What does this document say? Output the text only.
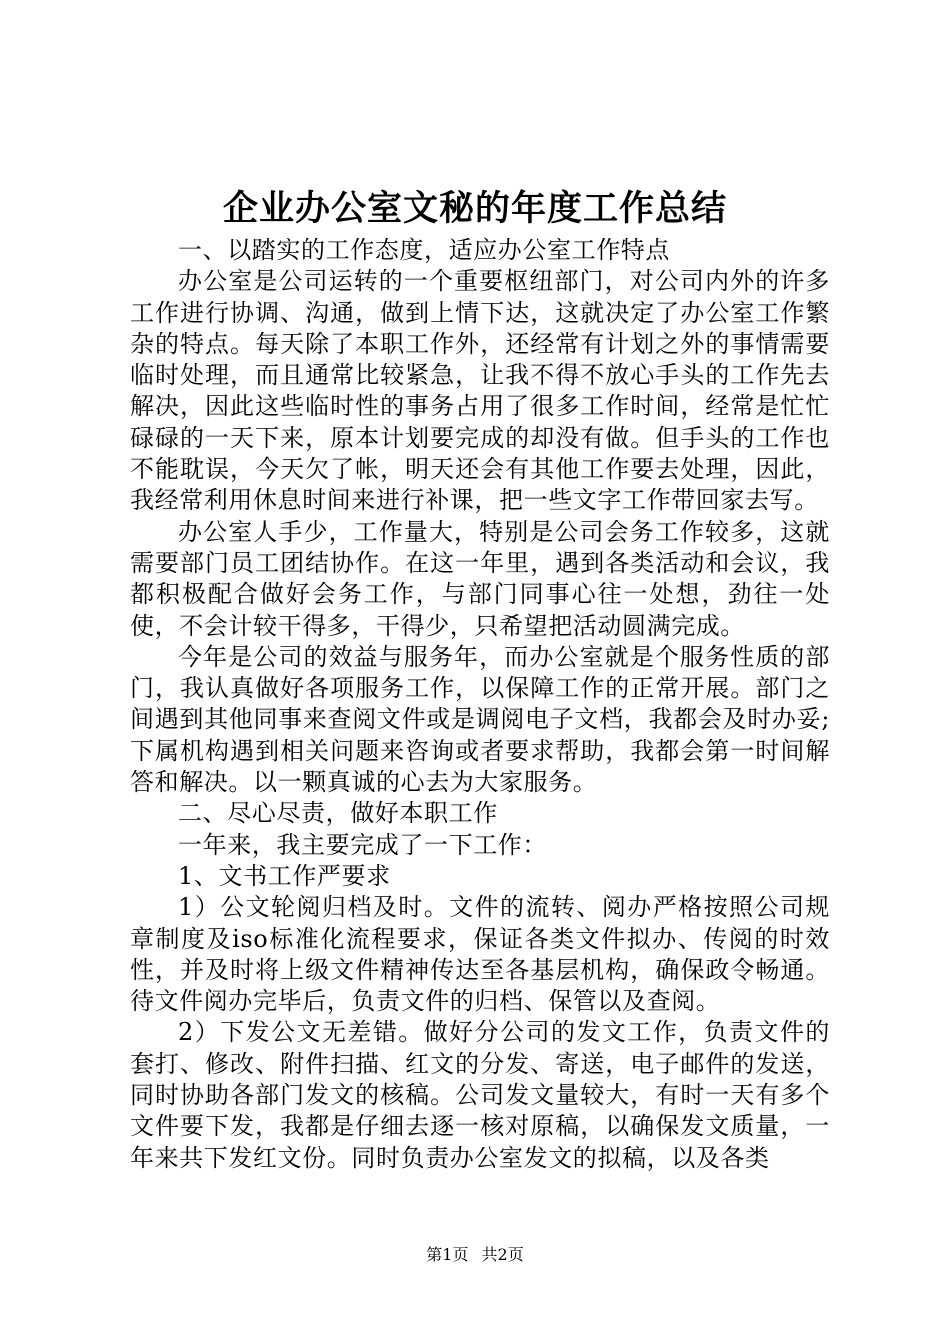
企业办公室文秘的年度工作总结

一、以踏实的工作态度，适应办公室工作特点

办公室是公司运转的一个重要枢纽部门，对公司内外的许多工作进行协调、沟通，做到上情下达，这就决定了办公室工作繁杂的特点。每天除了本职工作外，还经常有计划之外的事情需要临时处理，而且通常比较紧急，让我不得不放心手头的工作先去解决，因此这些临时性的事务占用了很多工作时间，经常是忙忙碌碌的一天下来，原本计划要完成的却没有做。但手头的工作也不能耽误，今天欠了帐，明天还会有其他工作要去处理，因此，我经常利用休息时间来进行补课，把一些文字工作带回家去写。

办公室人手少，工作量大，特别是公司会务工作较多，这就需要部门员工团结协作。在这一年里，遇到各类活动和会议，我都积极配合做好会务工作，与部门同事心往一处想，劲往一处使，不会计较干得多，干得少，只希望把活动圆满完成。

今年是公司的效益与服务年，而办公室就是个服务性质的部门，我认真做好各项服务工作，以保障工作的正常开展。部门之间遇到其他同事来查阅文件或是调阅电子文档，我都会及时办妥;下属机构遇到相关问题来咨询或者要求帮助，我都会第一时间解答和解决。以一颗真诚的心去为大家服务。

二、尽心尽责，做好本职工作

一年来，我主要完成了一下工作：

1、文书工作严要求

1）公文轮阅归档及时。文件的流转、阅办严格按照公司规章制度及iso标准化流程要求，保证各类文件拟办、传阅的时效性，并及时将上级文件精神传达至各基层机构，确保政令畅通。待文件阅办完毕后，负责文件的归档、保管以及查阅。

2）下发公文无差错。做好分公司的发文工作，负责文件的套打、修改、附件扫描、红文的分发、寄送，电子邮件的发送，同时协助各部门发文的核稿。公司发文量较大，有时一天有多个文件要下发，我都是仔细去逐一核对原稿，以确保发文质量，一年来共下发红文份。同时负责办公室发文的拟稿，以及各类

第1页 共2页
